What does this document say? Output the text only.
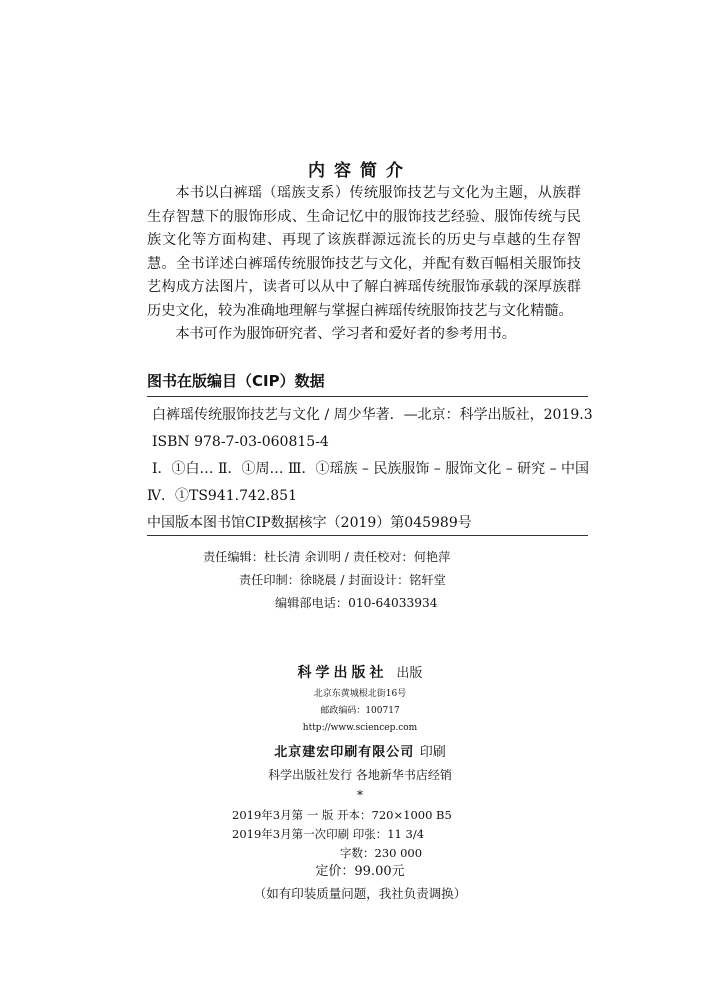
内容简介

本书以白裤瑶（瑶族支系）传统服饰技艺与文化为主题，从族群生存智慧下的服饰形成、生命记忆中的服饰技艺经验、服饰传统与民族文化等方面构建、再现了该族群源远流长的历史与卓越的生存智慧。全书详述白裤瑶传统服饰技艺与文化，并配有数百幅相关服饰技艺构成方法图片，读者可以从中了解白裤瑶传统服饰承载的深厚族群历史文化，较为准确地理解与掌握白裤瑶传统服饰技艺与文化精髓。

本书可作为服饰研究者、学习者和爱好者的参考用书。

图书在版编目（CIP）数据
白裤瑶传统服饰技艺与文化 / 周少华著．—北京：科学出版社，2019.3
ISBN 978-7-03-060815-4
Ⅰ．①白… Ⅱ．①周… Ⅲ．①瑶族 – 民族服饰 – 服饰文化 – 研究 – 中国
Ⅳ．①TS941.742.851
中国版本图书馆CIP数据核字（2019）第045989号
责任编辑：杜长清 余训明 / 责任校对：何艳萍
责任印制：徐晓晨 / 封面设计：铭轩堂
编辑部电话：010-64033934
科学出版社 出版
北京东黄城根北街16号
邮政编码：100717
http://www.sciencep.com
北京建宏印刷有限公司 印刷
科学出版社发行 各地新华书店经销
*
2019年3月第 一 版 开本：720×1000 B5
2019年3月第一次印刷 印张：11 3/4
字数：230 000
定价：99.00元
（如有印装质量问题，我社负责调换）
